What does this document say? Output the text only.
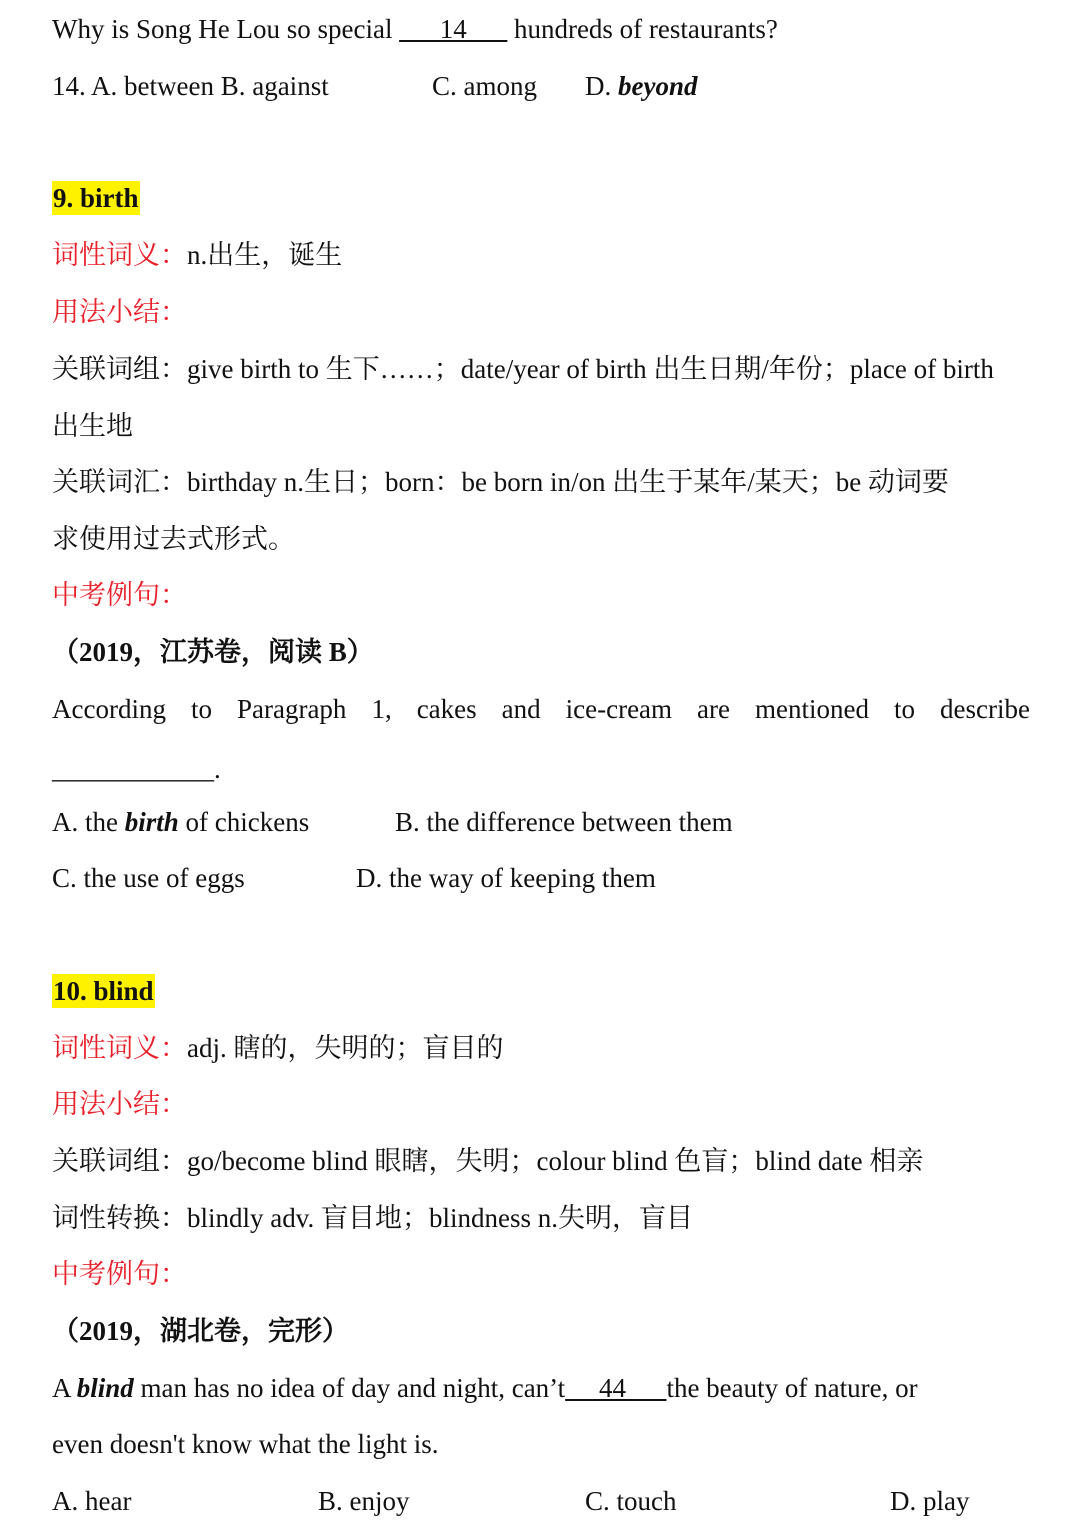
Why is Song He Lou so special ___14___ hundreds of restaurants?
14. A. between B. against	C. among D. beyond
9. birth
词性词义：n.出生，诞生
用法小结：
关联词组：give birth to 生下……；date/year of birth 出生日期/年份；place of birth
出生地
关联词汇：birthday n.生日；born：be born in/on 出生于某年/某天；be 动词要
求使用过去式形式。
中考例句：
（2019，江苏卷，阅读 B）
According to Paragraph 1, cakes and ice-cream are mentioned to describe
____________.
A. the birth of chickens	B. the difference between them
C. the use of eggs	D. the way of keeping them
10. blind
词性词义：adj. 瞎的，失明的；盲目的
用法小结：
关联词组：go/become blind 眼瞎，失明；colour blind 色盲；blind date 相亲
词性转换：blindly adv. 盲目地；blindness n.失明，盲目
中考例句：
（2019，湖北卷，完形）
A blind man has no idea of day and night, can’t     44      the beauty of nature, or
even doesn't know what the light is.
A. hear	B. enjoy	C. touch	D. play
